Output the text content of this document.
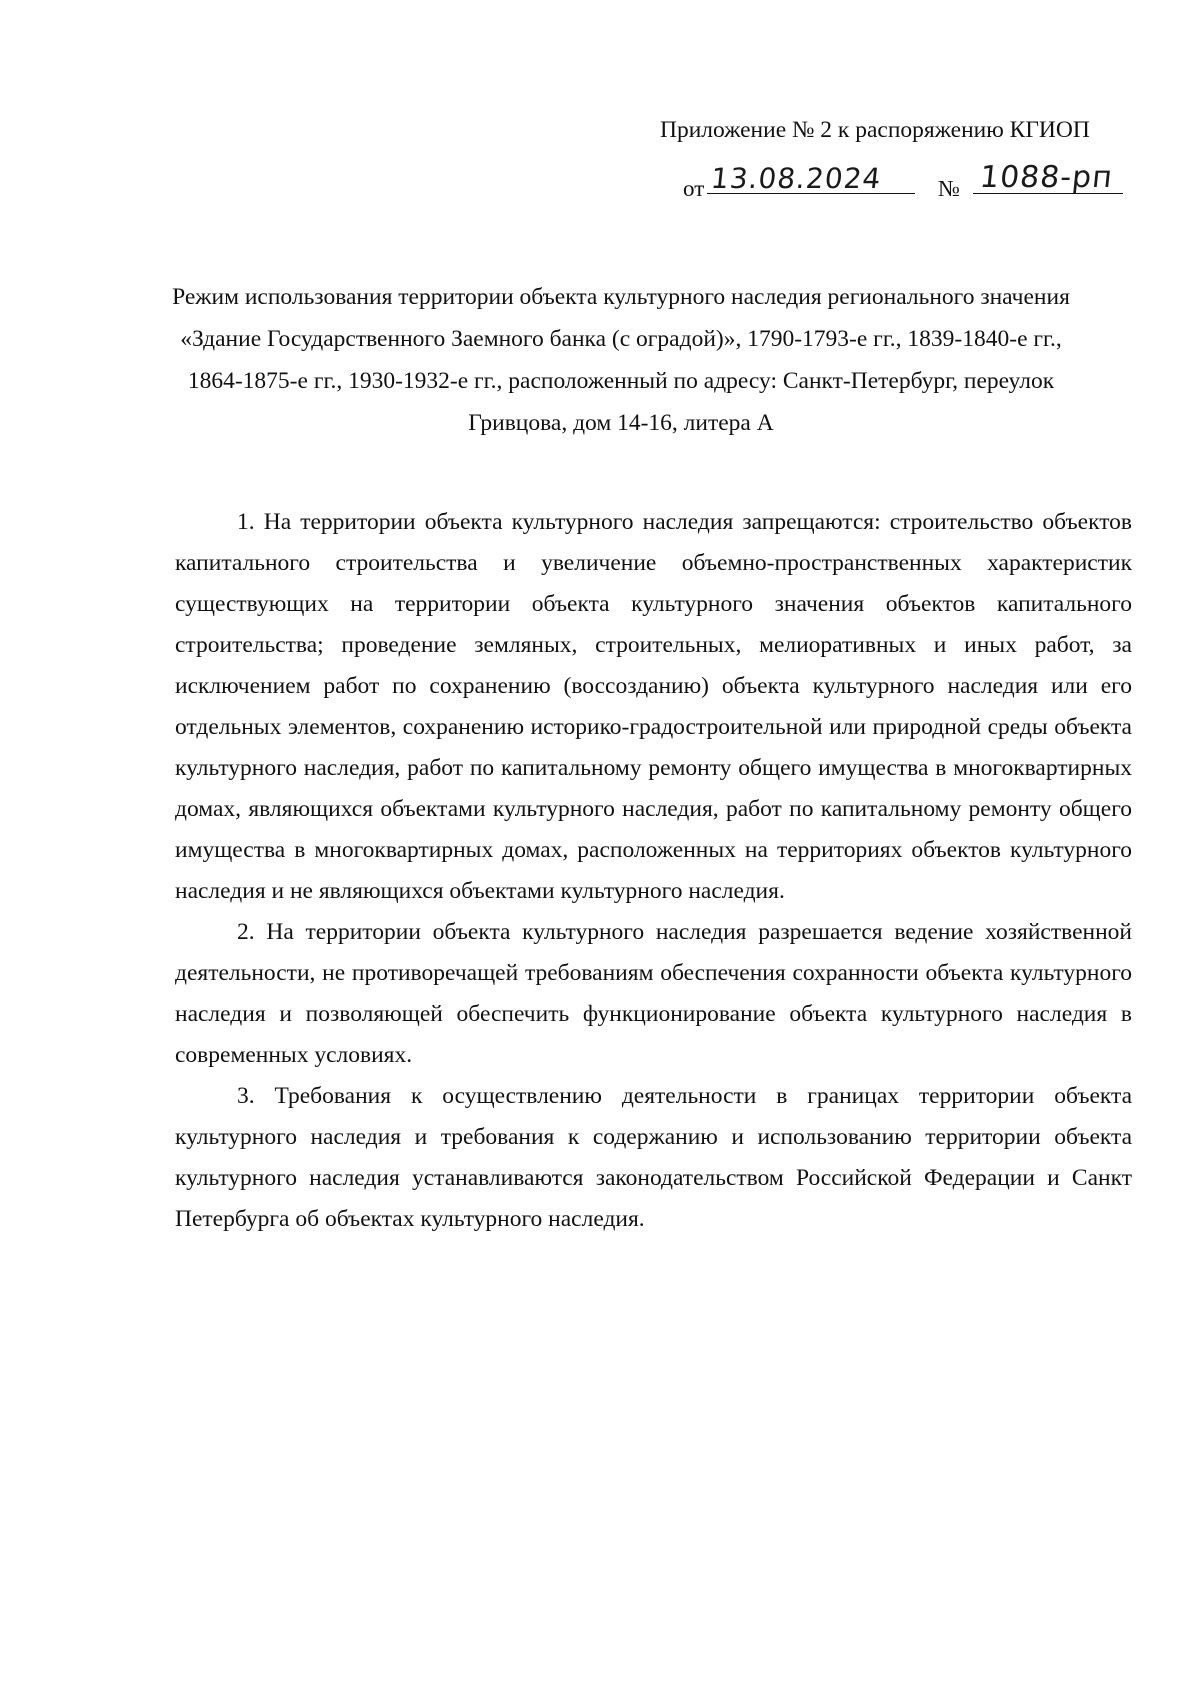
Приложение № 2 к распоряжению КГИОП
от 13.08.2024 № 1088-рп
Режим использования территории объекта культурного наследия регионального значения «Здание Государственного Заемного банка (с оградой)», 1790-1793-е гг., 1839-1840-е гг., 1864-1875-е гг., 1930-1932-е гг., расположенный по адресу: Санкт-Петербург, переулок Гривцова, дом 14-16, литера А

1. На территории объекта культурного наследия запрещаются: строительство объектов капитального строительства и увеличение объемно-пространственных характеристик существующих на территории объекта культурного значения объектов капитального строительства; проведение земляных, строительных, мелиоративных и иных работ, за исключением работ по сохранению (воссозданию) объекта культурного наследия или его отдельных элементов, сохранению историко-градостроительной или природной среды объекта культурного наследия, работ по капитальному ремонту общего имущества в многоквартирных домах, являющихся объектами культурного наследия, работ по капитальному ремонту общего имущества в многоквартирных домах, расположенных на территориях объектов культурного наследия и не являющихся объектами культурного наследия.

2. На территории объекта культурного наследия разрешается ведение хозяйственной деятельности, не противоречащей требованиям обеспечения сохранности объекта культурного наследия и позволяющей обеспечить функционирование объекта культурного наследия в современных условиях.

3. Требования к осуществлению деятельности в границах территории объекта культурного наследия и требования к содержанию и использованию территории объекта культурного наследия устанавливаются законодательством Российской Федерации и Санкт Петербурга об объектах культурного наследия.
